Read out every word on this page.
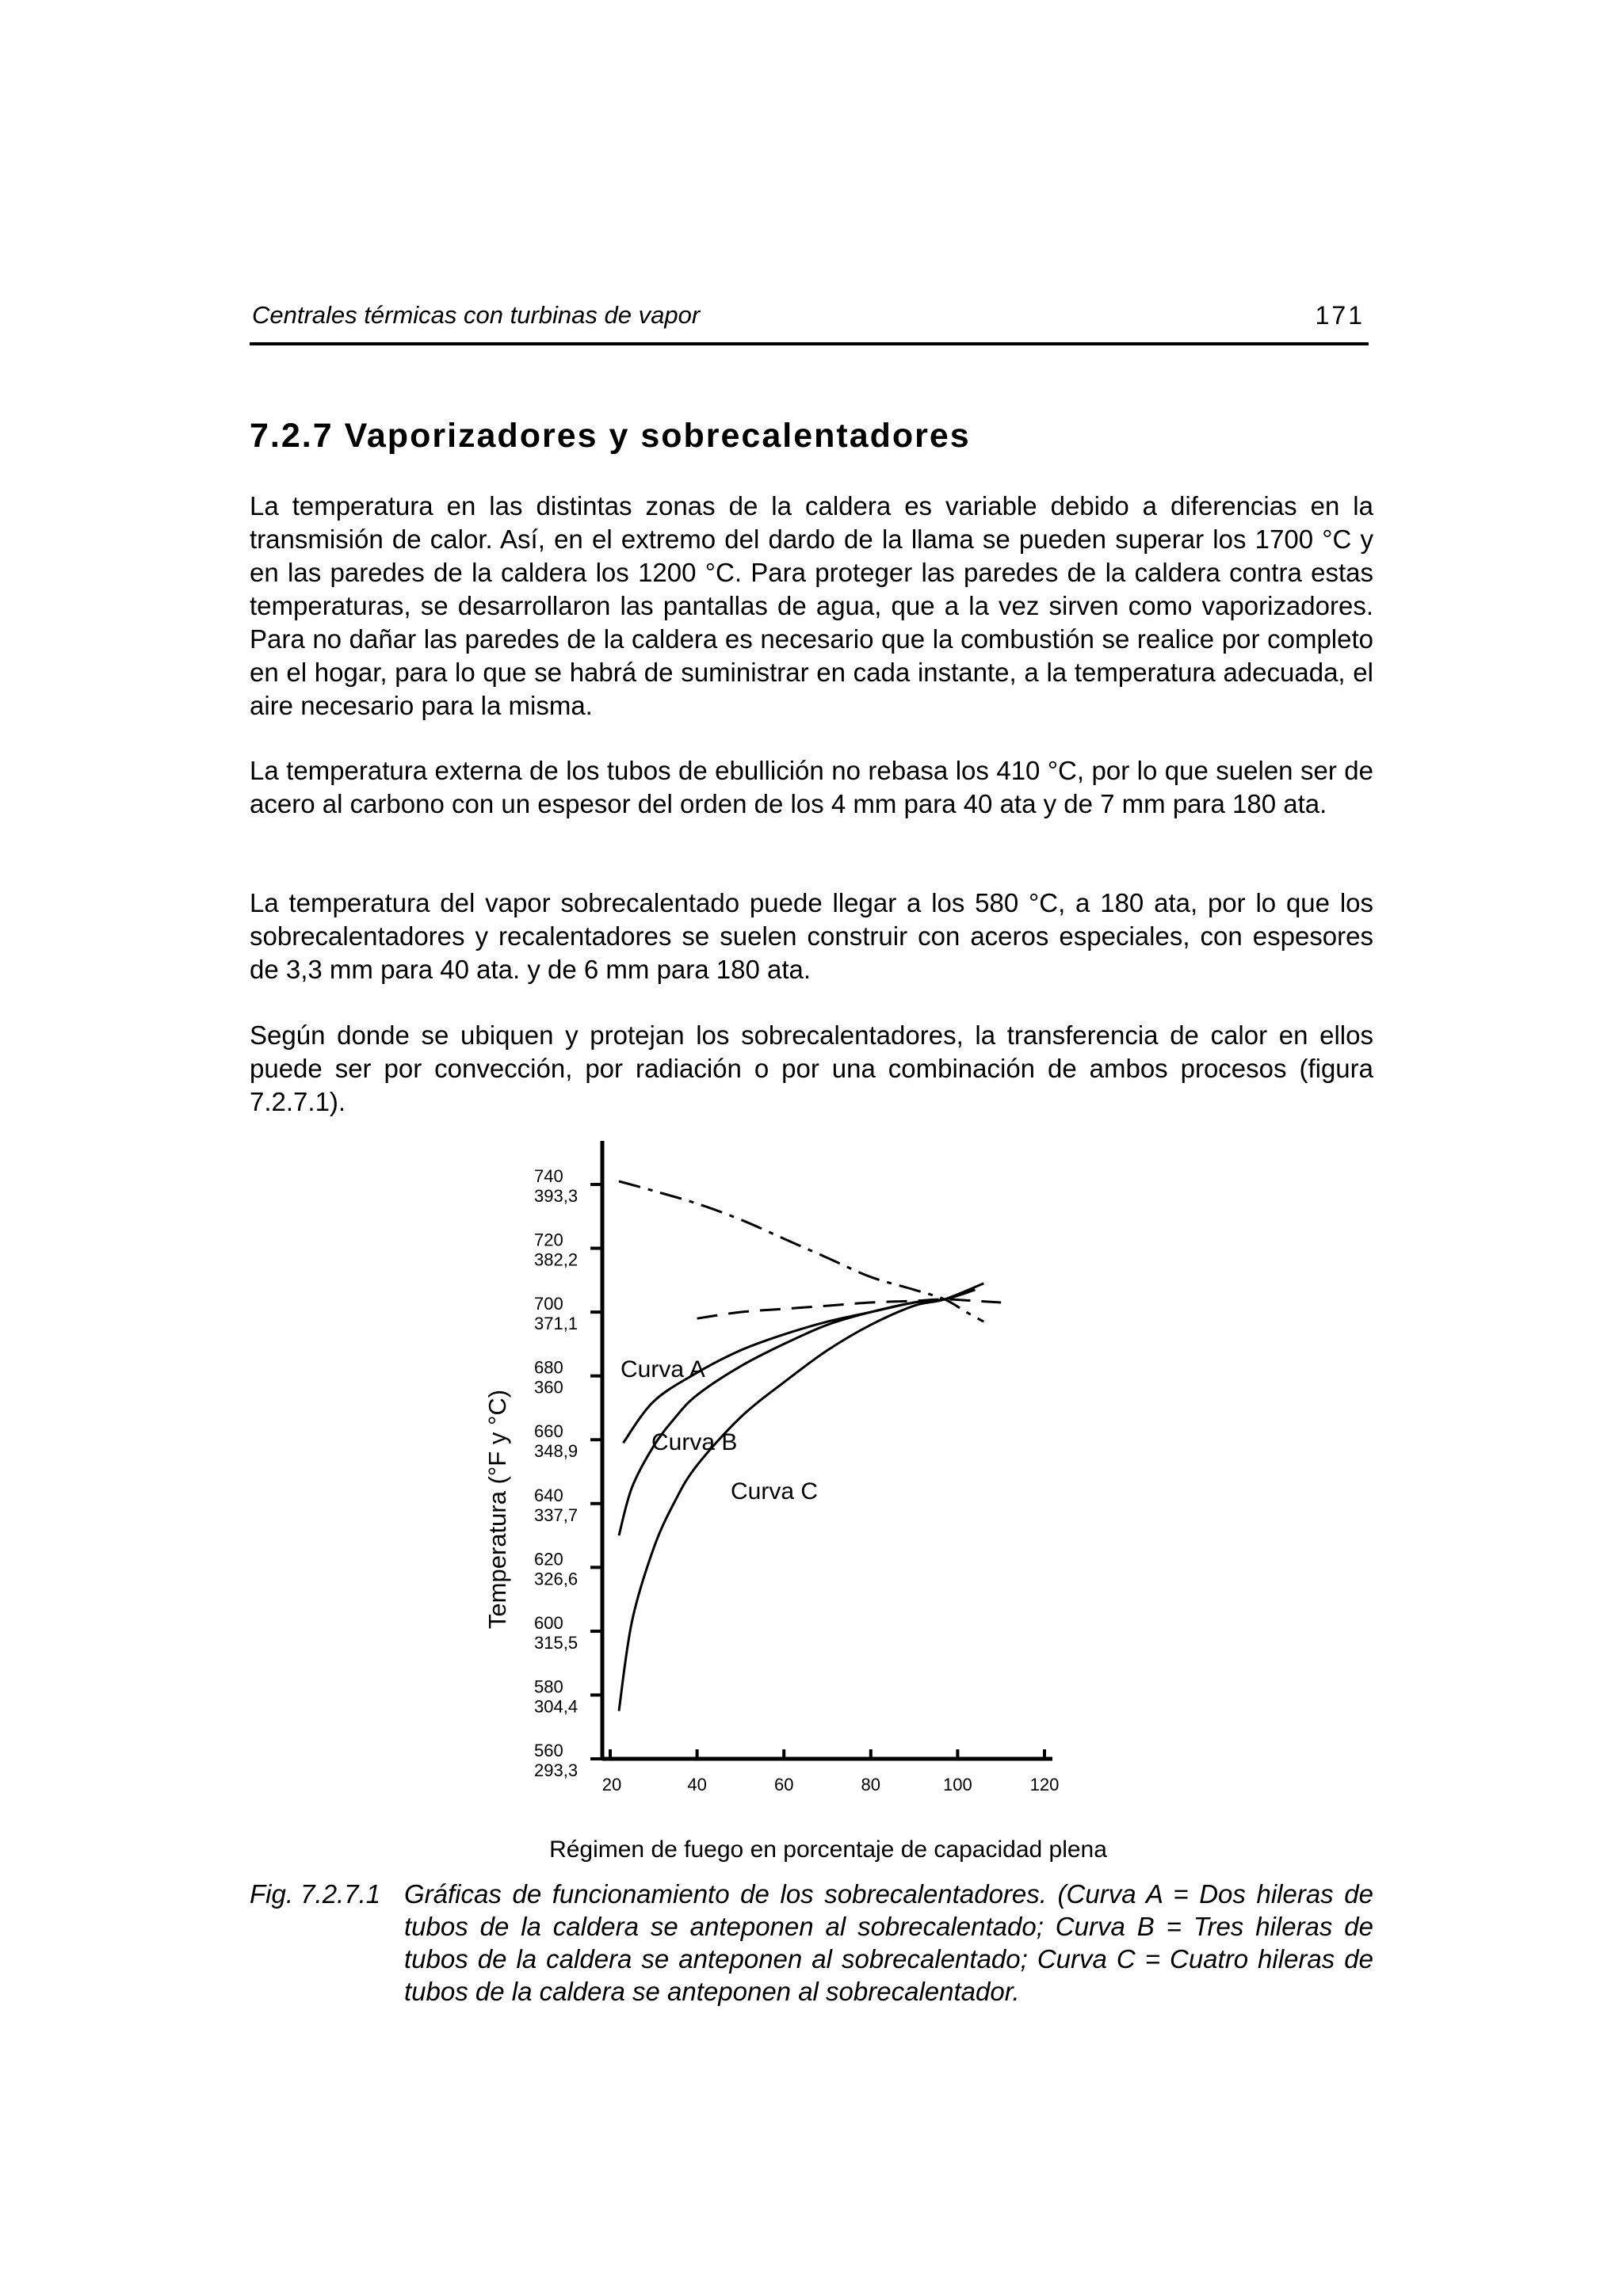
Centrales térmicas con turbinas de vapor	171
7.2.7 Vaporizadores y sobrecalentadores
La temperatura en las distintas zonas de la caldera es variable debido a diferencias en la transmisión de calor. Así, en el extremo del dardo de la llama se pueden superar los 1700 °C y en las paredes de la caldera los 1200 °C. Para proteger las paredes de la caldera contra estas temperaturas, se desarrollaron las pantallas de agua, que a la vez sirven como vaporizadores. Para no dañar las paredes de la caldera es necesario que la combustión se realice por completo en el hogar, para lo que se habrá de suministrar en cada instante, a la temperatura adecuada, el aire necesario para la misma.
La temperatura externa de los tubos de ebullición no rebasa los 410 °C, por lo que suelen ser de acero al carbono con un espesor del orden de los 4 mm para 40 ata y de 7 mm para 180 ata.
La temperatura del vapor sobrecalentado puede llegar a los 580 °C, a 180 ata, por lo que los sobrecalentadores y recalentadores se suelen construir con aceros especiales, con espesores de 3,3 mm para 40 ata. y de 6 mm para 180 ata.
Según donde se ubiquen y protejan los sobrecalentadores, la transferencia de calor en ellos puede ser por convección, por radiación o por una combinación de ambos procesos (figura 7.2.7.1).
740
393,3
720
382,2
700
371,1
680
360
660
348,9
640
337,7
620
326,6
600
315,5
580
304,4
560
293,3
20	40	60	80	100	120
Curva A
Curva B
Curva C
Temperatura (°F y °C)
Régimen de fuego en porcentaje de capacidad plena
Fig. 7.2.7.1 Gráficas de funcionamiento de los sobrecalentadores. (Curva A = Dos hileras de tubos de la caldera se anteponen al sobrecalentado; Curva B = Tres hileras de tubos de la caldera se anteponen al sobrecalentado; Curva C = Cuatro hileras de tubos de la caldera se anteponen al sobrecalentador.
